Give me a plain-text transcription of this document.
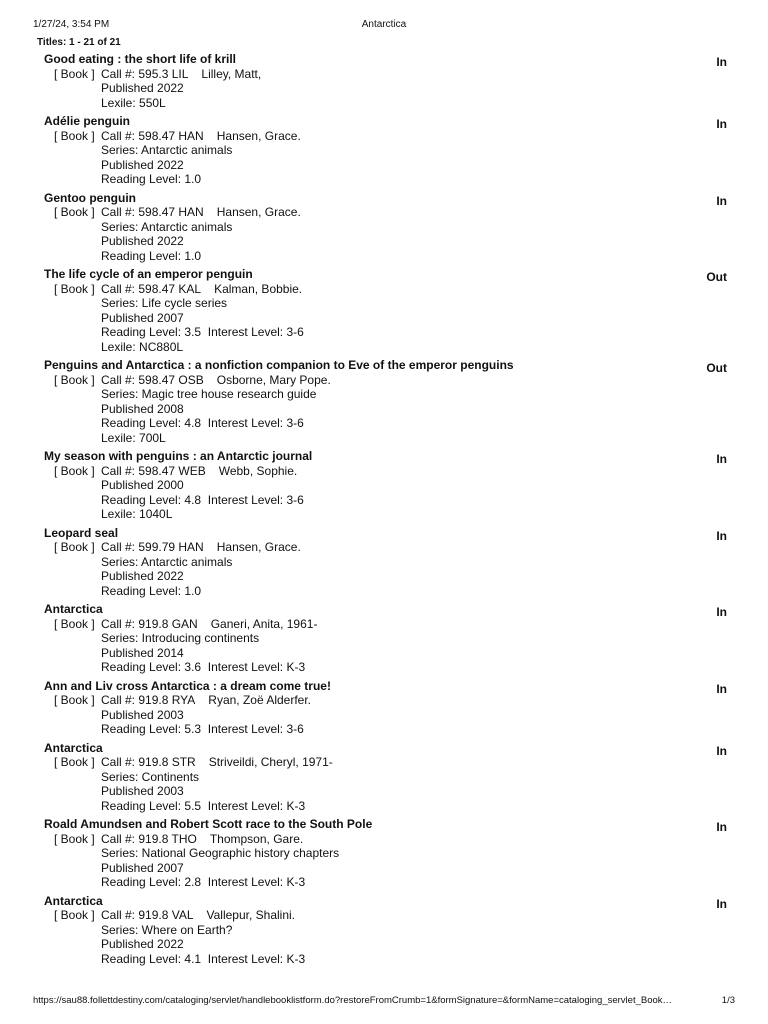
1/27/24, 3:54 PM	Antarctica
Titles: 1 - 21 of 21
Good eating : the short life of krill	In
[ Book ] Call #: 595.3 LIL Lilley, Matt,
Published 2022
Lexile: 550L
Adélie penguin	In
[ Book ] Call #: 598.47 HAN Hansen, Grace.
Series: Antarctic animals
Published 2022
Reading Level: 1.0
Gentoo penguin	In
[ Book ] Call #: 598.47 HAN Hansen, Grace.
Series: Antarctic animals
Published 2022
Reading Level: 1.0
The life cycle of an emperor penguin	Out
[ Book ] Call #: 598.47 KAL Kalman, Bobbie.
Series: Life cycle series
Published 2007
Reading Level: 3.5  Interest Level: 3-6
Lexile: NC880L
Penguins and Antarctica : a nonfiction companion to Eve of the emperor penguins	Out
[ Book ] Call #: 598.47 OSB Osborne, Mary Pope.
Series: Magic tree house research guide
Published 2008
Reading Level: 4.8  Interest Level: 3-6
Lexile: 700L
My season with penguins : an Antarctic journal	In
[ Book ] Call #: 598.47 WEB Webb, Sophie.
Published 2000
Reading Level: 4.8  Interest Level: 3-6
Lexile: 1040L
Leopard seal	In
[ Book ] Call #: 599.79 HAN Hansen, Grace.
Series: Antarctic animals
Published 2022
Reading Level: 1.0
Antarctica	In
[ Book ] Call #: 919.8 GAN Ganeri, Anita, 1961-
Series: Introducing continents
Published 2014
Reading Level: 3.6  Interest Level: K-3
Ann and Liv cross Antarctica : a dream come true!	In
[ Book ] Call #: 919.8 RYA Ryan, Zoë Alderfer.
Published 2003
Reading Level: 5.3  Interest Level: 3-6
Antarctica	In
[ Book ] Call #: 919.8 STR Striveildi, Cheryl, 1971-
Series: Continents
Published 2003
Reading Level: 5.5  Interest Level: K-3
Roald Amundsen and Robert Scott race to the South Pole	In
[ Book ] Call #: 919.8 THO Thompson, Gare.
Series: National Geographic history chapters
Published 2007
Reading Level: 2.8  Interest Level: K-3
Antarctica	In
[ Book ] Call #: 919.8 VAL Vallepur, Shalini.
Series: Where on Earth?
Published 2022
Reading Level: 4.1  Interest Level: K-3
https://sau88.follettdestiny.com/cataloging/servlet/handlebooklistform.do?restoreFromCrumb=1&formSignature=&formName=cataloging_servlet_Book…	1/3
